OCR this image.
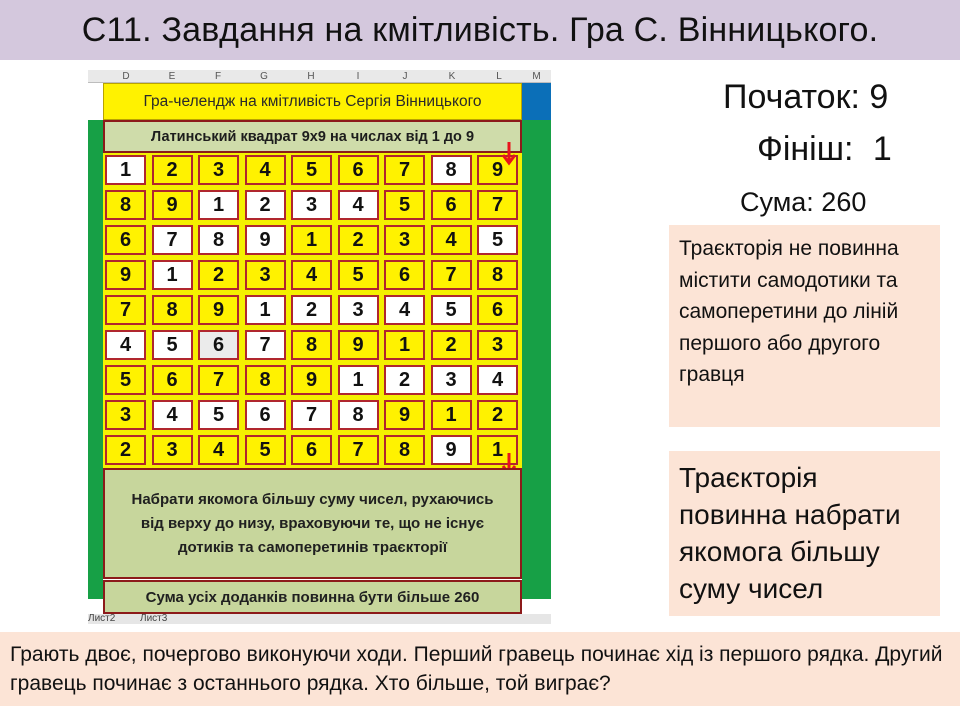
С11. Завдання на кмітливість. Гра С. Вінницького.
D	E	F	G	H	I	J	K	L	M
Гра-челендж на кмітливість Сергія Вінницького
Латинський квадрат 9х9 на числах від 1 до 9
1	2	3	4	5	6	7	8	9
8	9	1	2	3	4	5	6	7
6	7	8	9	1	2	3	4	5
9	1	2	3	4	5	6	7	8
7	8	9	1	2	3	4	5	6
4	5	6	7	8	9	1	2	3
5	6	7	8	9	1	2	3	4
3	4	5	6	7	8	9	1	2
2	3	4	5	6	7	8	9	1
Набрати якомога більшу суму чисел, рухаючись від верху до низу, враховуючи те, що не існує дотиків та самоперетинів траєкторії
Сума усіх доданків повинна бути більше 260
Лист2 Лист3
Початок: 9
Фініш: 1
Сума: 260
Траєкторія не повинна містити самодотики та самоперетини до ліній першого або другого гравця
Траєкторія повинна набрати якомога більшу суму чисел
Грають двоє, почергово виконуючи ходи. Перший гравець починає хід із першого рядка. Другий гравець починає з останнього рядка. Хто більше, той виграє?
